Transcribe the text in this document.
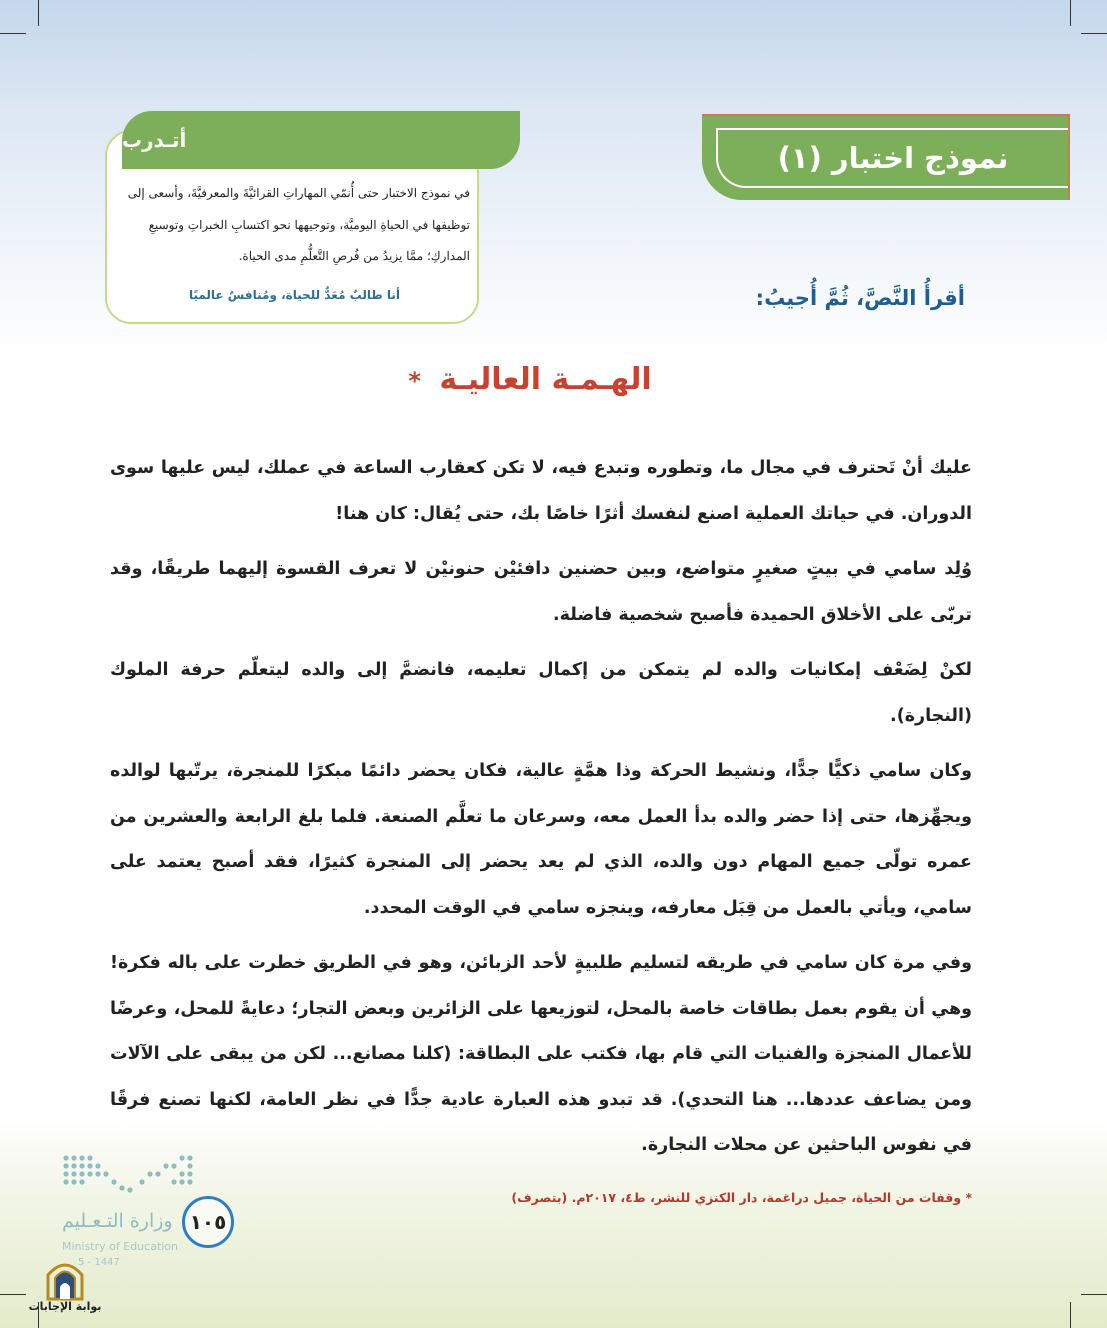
نموذج اختبار (١)
أتـدرب
في نموذج الاختبار حتى أُنمّي المهاراتِ القرائيَّةَ والمعرفيَّةَ، وأسعى إلى توظيفها في الحياةِ اليوميَّة، وتوجيهها نحو اكتسابِ الخبراتِ وتوسيعِ المداركِ؛ ممَّا يزيدُ من فُرصِ التَّعلُّمِ مدى الحياة.
أنا طالبٌ مُعَدٌّ للحياة، ومُنافسٌ عالميًا	أقرأُ النَّصَّ، ثُمَّ أُجيبُ:
الهـمـة العاليـة *

عليك أنْ تَحترف في مجال ما، وتطوره وتبدع فيه، لا تكن كعقارب الساعة في عملك، ليس عليها سوى الدوران. في حياتك العملية اصنع لنفسك أثرًا خاصًا بك، حتى يُقال: كان هنا!

وُلِد سامي في بيتٍ صغيرٍ متواضع، وبين حضنين دافئيْن حنونيْن لا تعرف القسوة إليهما طريقًا، وقد تربّى على الأخلاق الحميدة فأصبح شخصية فاضلة.

لكنْ لِضَعْف إمكانيات والده لم يتمكن من إكمال تعليمه، فانضمَّ إلى والده ليتعلّم حرفة الملوك (النجارة).

وكان سامي ذكيًّا جدًّا، ونشيط الحركة وذا همَّةٍ عالية، فكان يحضر دائمًا مبكرًا للمنجرة، يرتّبها لوالده ويجهِّزها، حتى إذا حضر والده بدأ العمل معه، وسرعان ما تعلَّم الصنعة. فلما بلغ الرابعة والعشرين من عمره تولّى جميع المهام دون والده، الذي لم يعد يحضر إلى المنجرة كثيرًا، فقد أصبح يعتمد على سامي، ويأتي بالعمل من قِبَل معارفه، وينجزه سامي في الوقت المحدد.

وفي مرة كان سامي في طريقه لتسليم طلبيةٍ لأحد الزبائن، وهو في الطريق خطرت على باله فكرة! وهي أن يقوم بعمل بطاقات خاصة بالمحل، لتوزيعها على الزائرين وبعض التجار؛ دعايةً للمحل، وعرضًا للأعمال المنجزة والفنيات التي قام بها، فكتب على البطاقة: (كلنا مصانع... لكن من يبقى على الآلات ومن يضاعف عددها... هنا التحدي). قد تبدو هذه العبارة عادية جدًّا في نظر العامة، لكنها تصنع فرقًا في نفوس الباحثين عن محلات النجارة.

* وقفات من الحياة، جميل دراغمة، دار الكنزي للنشر، ط٤، ٢٠١٧م. (بتصرف)
وزارة التـعـليم
Ministry of Education
5 - 1447
١٠٥
بوابة الإجابات
